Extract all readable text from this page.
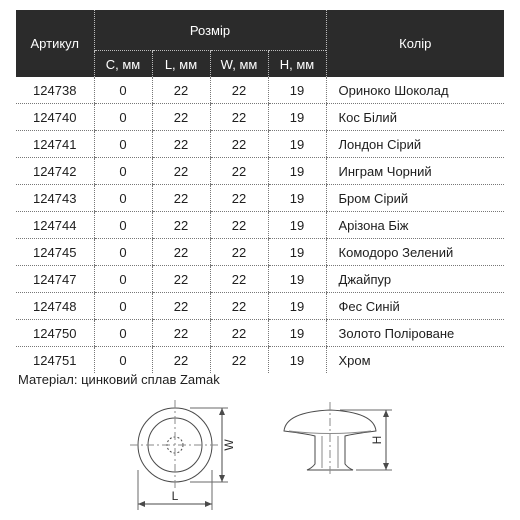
Артикул	Розмір				Колір
	C, мм	L, мм	W, мм	H, мм	
124738	0	22	22	19	Ориноко Шоколад
124740	0	22	22	19	Кос Білий
124741	0	22	22	19	Лондон Сірий
124742	0	22	22	19	Инграм Чорний
124743	0	22	22	19	Бром Сірий
124744	0	22	22	19	Арізона Біж
124745	0	22	22	19	Комодоро Зелений
124747	0	22	22	19	Джайпур
124748	0	22	22	19	Фес Синій
124750	0	22	22	19	Золото Поліроване
124751	0	22	22	19	Хром
Матеріал: цинковий сплав Zamak
L
W	H
